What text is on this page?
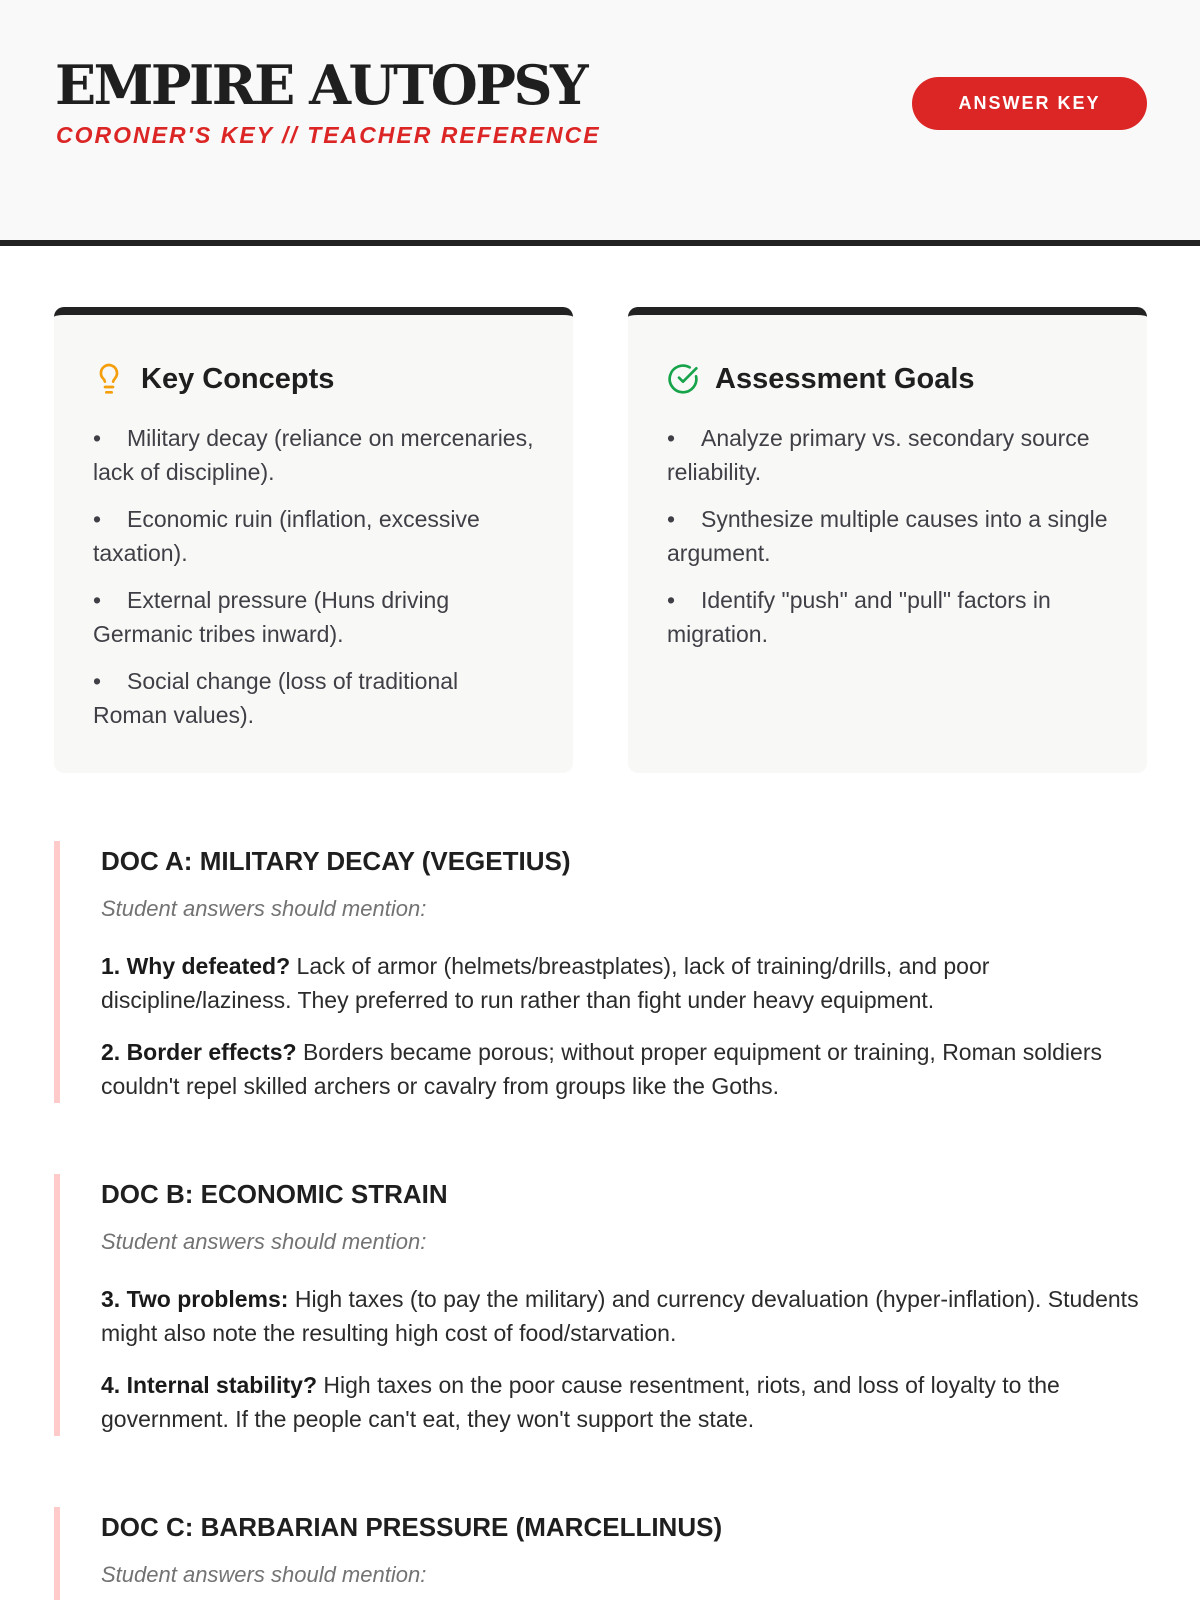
EMPIRE AUTOPSY
CORONER'S KEY // TEACHER REFERENCE
ANSWER KEY
Key Concepts
• Military decay (reliance on mercenaries, lack of discipline).
• Economic ruin (inflation, excessive taxation).
• External pressure (Huns driving Germanic tribes inward).
• Social change (loss of traditional Roman values).
Assessment Goals
• Analyze primary vs. secondary source reliability.
• Synthesize multiple causes into a single argument.
• Identify "push" and "pull" factors in migration.
DOC A: MILITARY DECAY (VEGETIUS)
Student answers should mention:

1. Why defeated? Lack of armor (helmets/breastplates), lack of training/drills, and poor discipline/laziness. They preferred to run rather than fight under heavy equipment.

2. Border effects? Borders became porous; without proper equipment or training, Roman soldiers couldn't repel skilled archers or cavalry from groups like the Goths.

DOC B: ECONOMIC STRAIN
Student answers should mention:

3. Two problems: High taxes (to pay the military) and currency devaluation (hyper-inflation). Students might also note the resulting high cost of food/starvation.

4. Internal stability? High taxes on the poor cause resentment, riots, and loss of loyalty to the government. If the people can't eat, they won't support the state.

DOC C: BARBARIAN PRESSURE (MARCELLINUS)
Student answers should mention:
